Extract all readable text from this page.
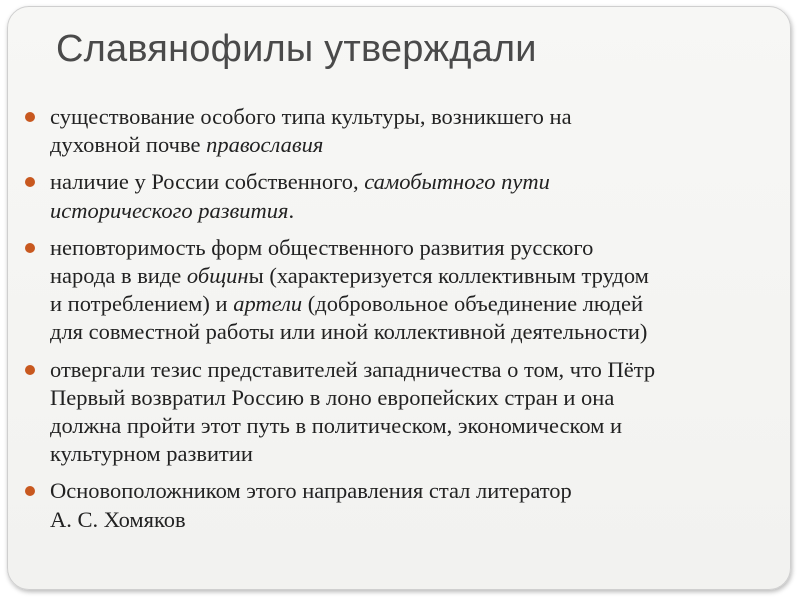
Славянофилы утверждали
существование особого типа культуры, возникшего на
духовной почве православия
наличие у России собственного, самобытного пути
исторического развития.
неповторимость форм общественного развития русского
народа в виде общины (характеризуется коллективным трудом
и потреблением) и артели (добровольное объединение людей
для совместной работы или иной коллективной деятельности)
отвергали тезис представителей западничества о том, что Пётр
Первый возвратил Россию в лоно европейских стран и она
должна пройти этот путь в политическом, экономическом и
культурном развитии
Основоположником этого направления стал литератор
А. С. Хомяков
